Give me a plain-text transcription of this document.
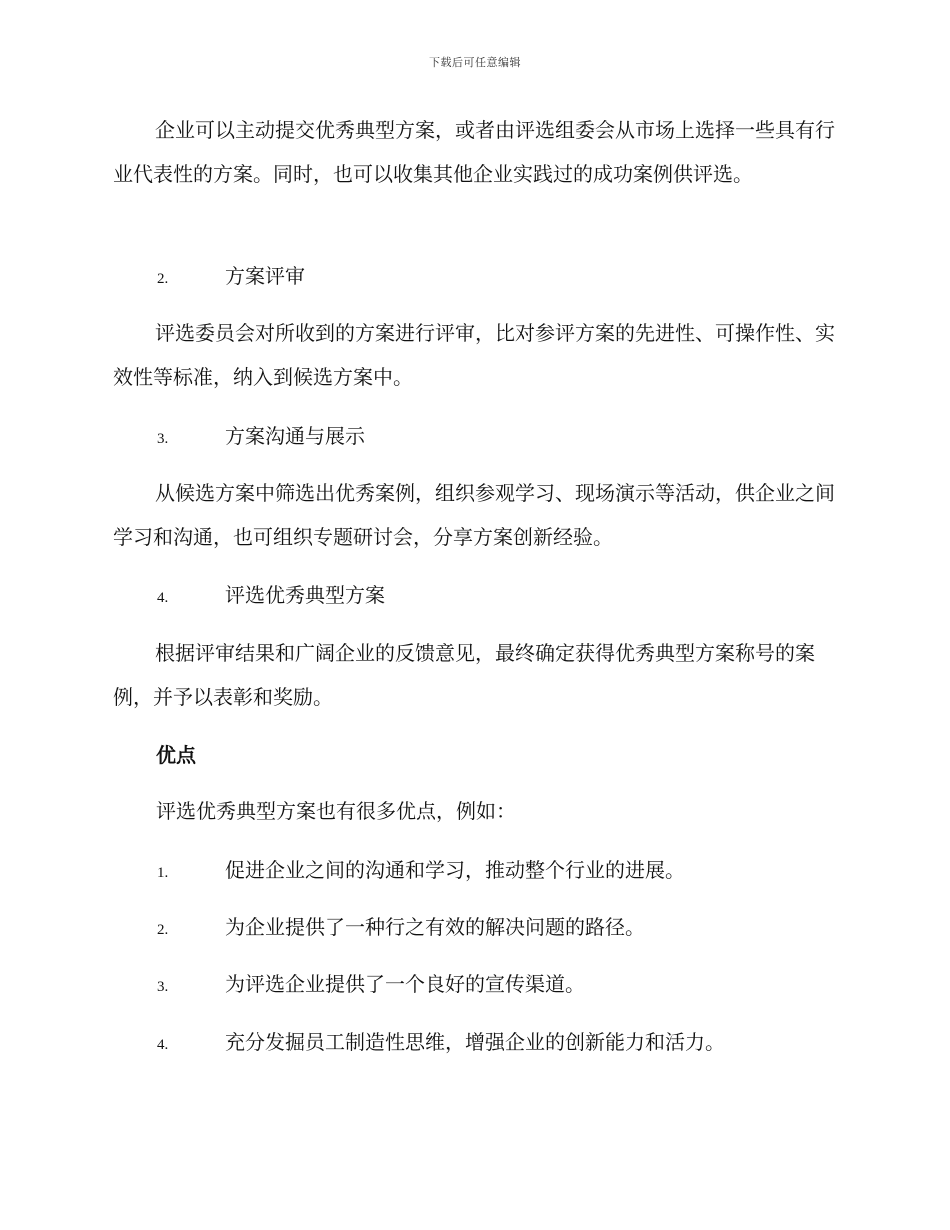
下载后可任意编辑

企业可以主动提交优秀典型方案，或者由评选组委会从市场上选择一些具有行业代表性的方案。同时，也可以收集其他企业实践过的成功案例供评选。

2.	方案评审

评选委员会对所收到的方案进行评审，比对参评方案的先进性、可操作性、实效性等标准，纳入到候选方案中。

3.	方案沟通与展示

从候选方案中筛选出优秀案例，组织参观学习、现场演示等活动，供企业之间学习和沟通，也可组织专题研讨会，分享方案创新经验。

4.	评选优秀典型方案

根据评审结果和广阔企业的反馈意见，最终确定获得优秀典型方案称号的案例，并予以表彰和奖励。

优点
评选优秀典型方案也有很多优点，例如：
1.	促进企业之间的沟通和学习，推动整个行业的进展。
2.	为企业提供了一种行之有效的解决问题的路径。
3.	为评选企业提供了一个良好的宣传渠道。
4.	充分发掘员工制造性思维，增强企业的创新能力和活力。
